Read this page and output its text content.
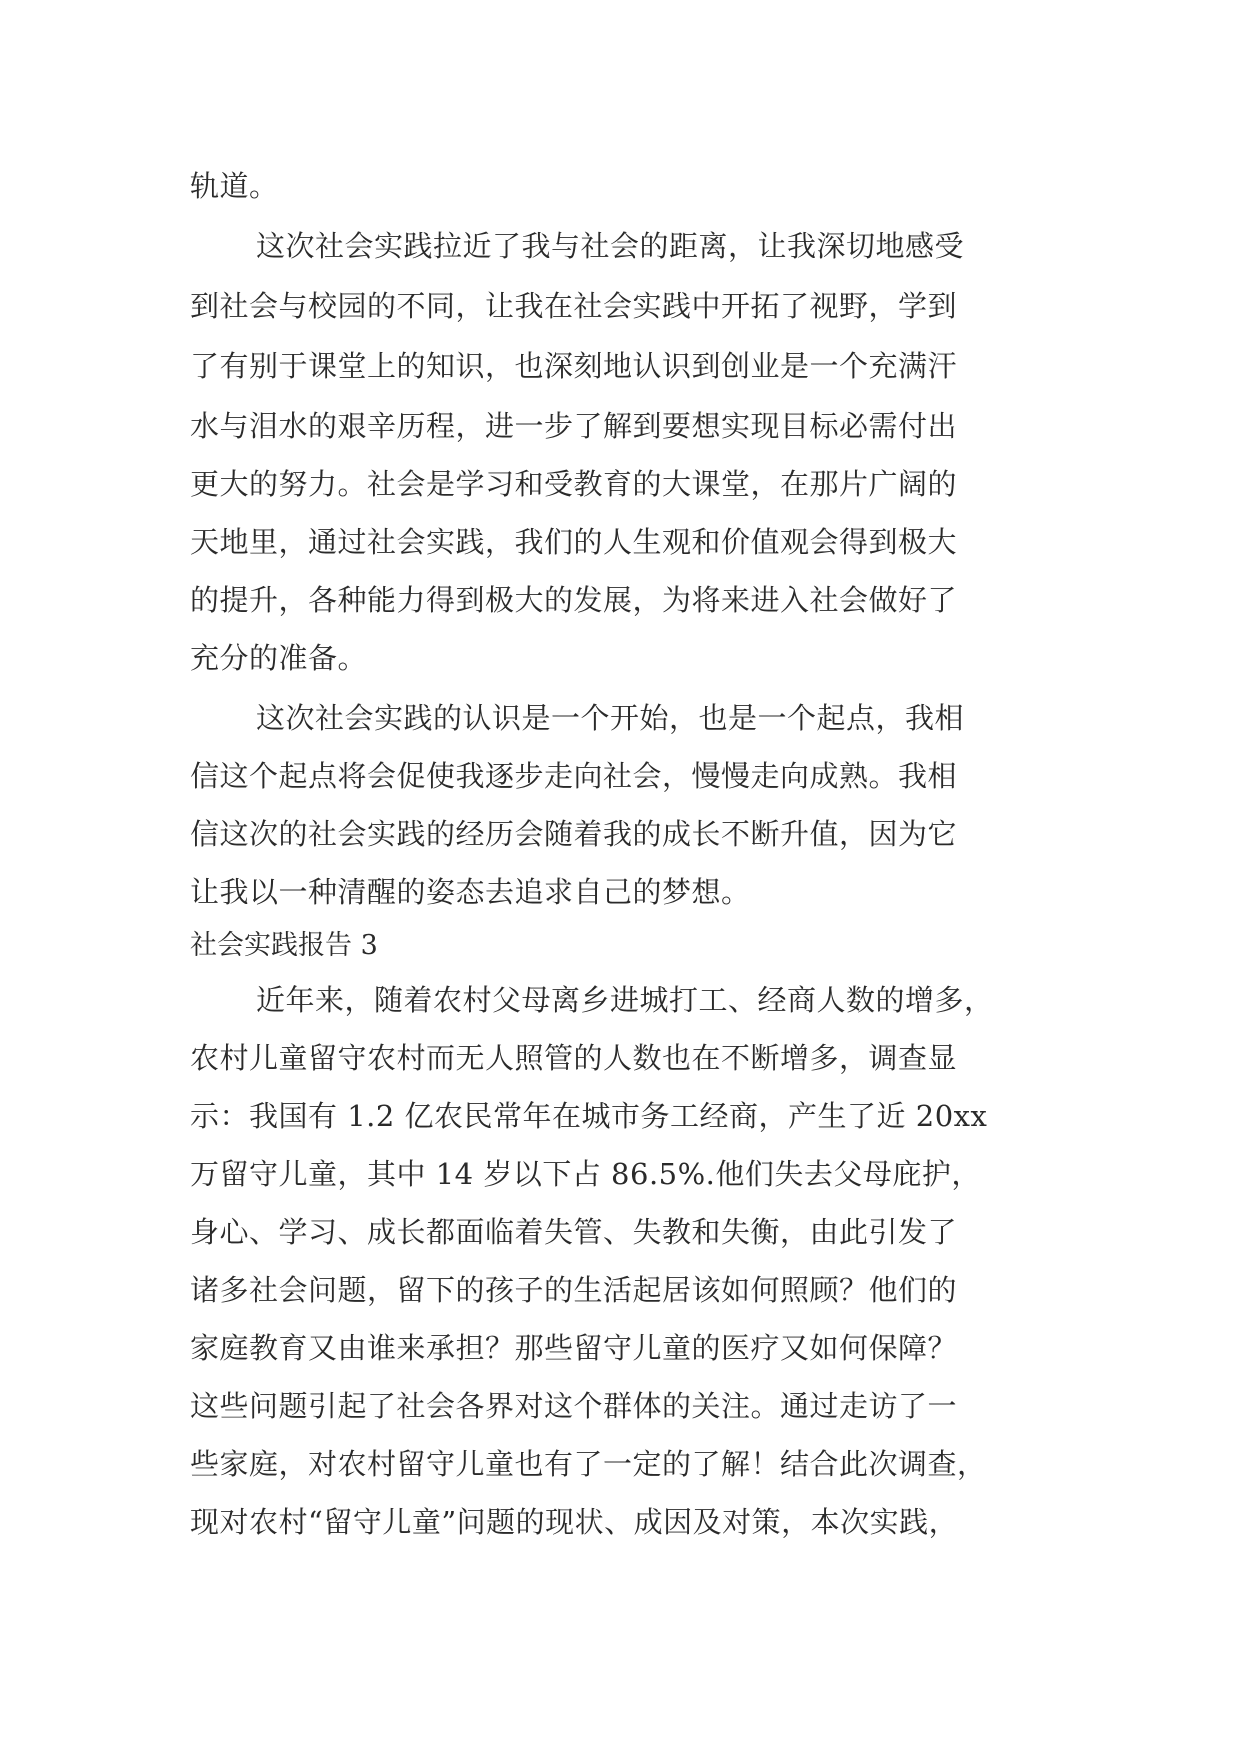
轨道。
这次社会实践拉近了我与社会的距离，让我深切地感受
到社会与校园的不同，让我在社会实践中开拓了视野，学到
了有别于课堂上的知识，也深刻地认识到创业是一个充满汗
水与泪水的艰辛历程，进一步了解到要想实现目标必需付出
更大的努力。社会是学习和受教育的大课堂，在那片广阔的
天地里，通过社会实践，我们的人生观和价值观会得到极大
的提升，各种能力得到极大的发展，为将来进入社会做好了
充分的准备。
这次社会实践的认识是一个开始，也是一个起点，我相
信这个起点将会促使我逐步走向社会，慢慢走向成熟。我相
信这次的社会实践的经历会随着我的成长不断升值，因为它
让我以一种清醒的姿态去追求自己的梦想。
社会实践报告 3
近年来，随着农村父母离乡进城打工、经商人数的增多，
农村儿童留守农村而无人照管的人数也在不断增多，调查显
示：我国有 1.2 亿农民常年在城市务工经商，产生了近 20xx
万留守儿童，其中 14 岁以下占 86.5%.他们失去父母庇护，
身心、学习、成长都面临着失管、失教和失衡，由此引发了
诸多社会问题，留下的孩子的生活起居该如何照顾？他们的
家庭教育又由谁来承担？那些留守儿童的医疗又如何保障？
这些问题引起了社会各界对这个群体的关注。通过走访了一
些家庭，对农村留守儿童也有了一定的了解！结合此次调查，
现对农村“留守儿童”问题的现状、成因及对策，本次实践，
